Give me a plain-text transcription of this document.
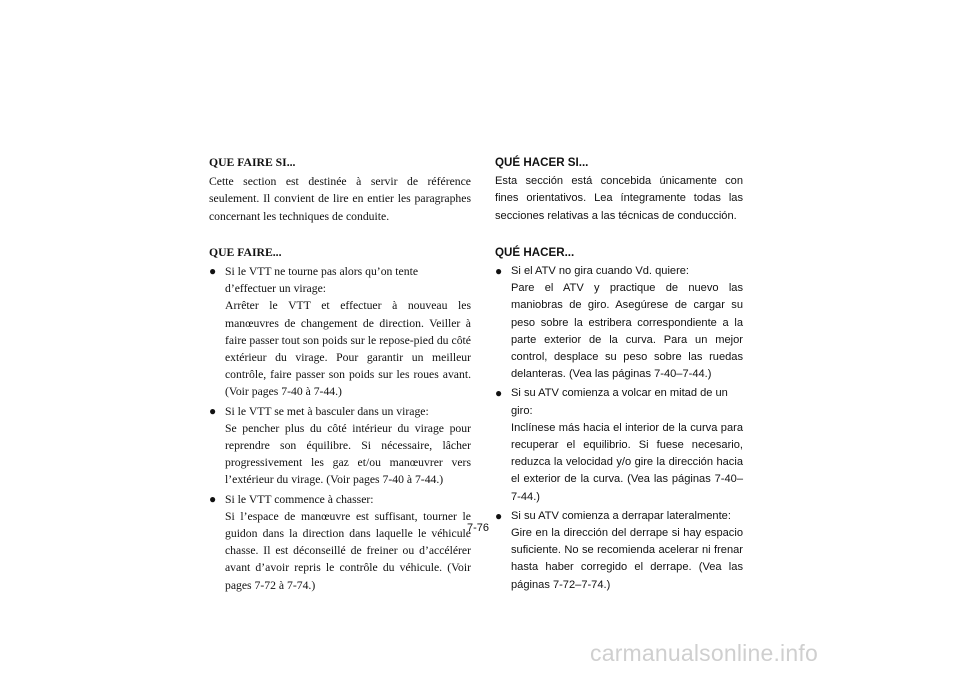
QUE FAIRE SI...

Cette section est destinée à servir de référence seulement. Il convient de lire en entier les paragraphes concernant les techniques de conduite.

QUE FAIRE...
● Si le VTT ne tourne pas alors qu’on tente d’effectuer un virage:
Arrêter le VTT et effectuer à nouveau les manœuvres de changement de direction. Veiller à faire passer tout son poids sur le repose-pied du côté extérieur du virage. Pour garantir un meilleur contrôle, faire passer son poids sur les roues avant. (Voir pages 7-40 à 7-44.)
● Si le VTT se met à basculer dans un virage:
Se pencher plus du côté intérieur du virage pour reprendre son équilibre. Si nécessaire, lâcher progressivement les gaz et/ou manœuvrer vers l’extérieur du virage. (Voir pages 7-40 à 7-44.)
● Si le VTT commence à chasser:
Si l’espace de manœuvre est suffisant, tourner le guidon dans la direction dans laquelle le véhicule chasse. Il est déconseillé de freiner ou d’accélérer avant d’avoir repris le contrôle du véhicule. (Voir pages 7-72 à 7-74.)
QUÉ HACER SI...

Esta sección está concebida únicamente con fines orientativos. Lea íntegramente todas las secciones relativas a las técnicas de conducción.

QUÉ HACER...
● Si el ATV no gira cuando Vd. quiere:
Pare el ATV y practique de nuevo las maniobras de giro. Asegúrese de cargar su peso sobre la estribera correspondiente a la parte exterior de la curva. Para un mejor control, desplace su peso sobre las ruedas delanteras. (Vea las páginas 7-40–7-44.)
● Si su ATV comienza a volcar en mitad de un giro:
Inclínese más hacia el interior de la curva para recuperar el equilibrio. Si fuese necesario, reduzca la velocidad y/o gire la dirección hacia el exterior de la curva. (Vea las páginas 7-40–7-44.)
● Si su ATV comienza a derrapar lateralmente:
Gire en la dirección del derrape si hay espacio suficiente. No se recomienda acelerar ni frenar hasta haber corregido el derrape. (Vea las páginas 7-72–7-74.)
7-76
carmanualsonline.info
